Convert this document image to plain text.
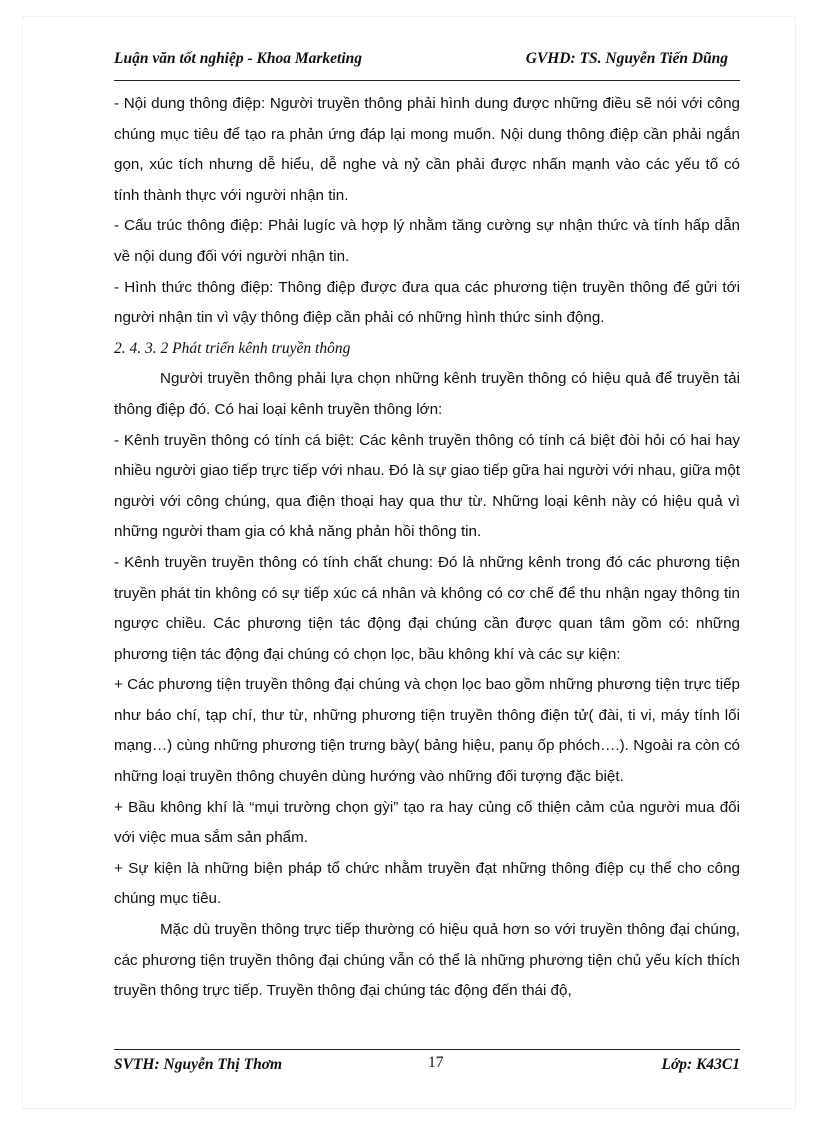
Luận văn tốt nghiệp - Khoa Marketing	GVHD: TS. Nguyễn Tiến Dũng

- Nội dung thông điệp: Người truyền thông phải hình dung được những điều sẽ nói với công chúng mục tiêu để tạo ra phản ứng đáp lại mong muốn. Nội dung thông điệp cần phải ngắn gọn, xúc tích nhưng dễ hiểu, dễ nghe và nỷ cần phải được nhấn mạnh vào các yếu tố có tính thành thực với người nhận tin.

- Cấu trúc thông điệp: Phải lugíc và hợp lý nhằm tăng cường sự nhận thức và tính hấp dẫn về nội dung đối với người nhận tin.

- Hình thức thông điệp: Thông điệp được đưa qua các phương tiện truyền thông để gửi tới người nhận tin vì vậy thông điệp cần phải có những hình thức sinh động.

2. 4. 3. 2 Phát triển kênh truyền thông

Người truyền thông phải lựa chọn những kênh truyền thông có hiệu quả để truyền tải thông điệp đó. Có hai loại kênh truyền thông lớn:

- Kênh truyền thông có tính cá biệt: Các kênh truyền thông có tính cá biệt đòi hỏi có hai hay nhiều người giao tiếp trực tiếp với nhau. Đó là sự giao tiếp gữa hai người với nhau, giữa một người với công chúng, qua điện thoại hay qua thư từ. Những loại kênh này có hiệu quả vì những người tham gia có khả năng phản hồi thông tin.

- Kênh truyền truyền thông có tính chất chung: Đó là những kênh trong đó các phương tiện truyền phát tin không có sự tiếp xúc cá nhân và không có cơ chế để thu nhận ngay thông tin ngược chiều. Các phương tiện tác động đại chúng cần được quan tâm gồm có: những phương tiện tác động đại chúng có chọn lọc, bầu không khí và các sự kiện:

+ Các phương tiện truyền thông đại chúng và chọn lọc bao gồm những phương tiện trực tiếp như báo chí, tạp chí, thư từ, những phương tiện truyền thông điện tử( đài, ti vi, máy tính lối mạng…) cùng những phương tiện trưng bày( bảng hiệu, panụ ốp phóch….). Ngoài ra còn có những loại truyền thông chuyên dùng hướng vào những đối tượng đặc biệt.

+ Bầu không khí là “mụi trường chọn gỳi” tạo ra hay củng cố thiện cảm của người mua đối với việc mua sắm sản phẩm.

+ Sự kiện là những biện pháp tổ chức nhằm truyền đạt những thông điệp cụ thể cho công chúng mục tiêu.

Mặc dù truyền thông trực tiếp thường có hiệu quả hơn so với truyền thông đại chúng, các phương tiện truyền thông đại chúng vẫn có thể là những phương tiện chủ yếu kích thích truyền thông trực tiếp. Truyền thông đại chúng tác động đến thái độ,

SVTH: Nguyễn Thị Thơm	17	Lớp: K43C1
